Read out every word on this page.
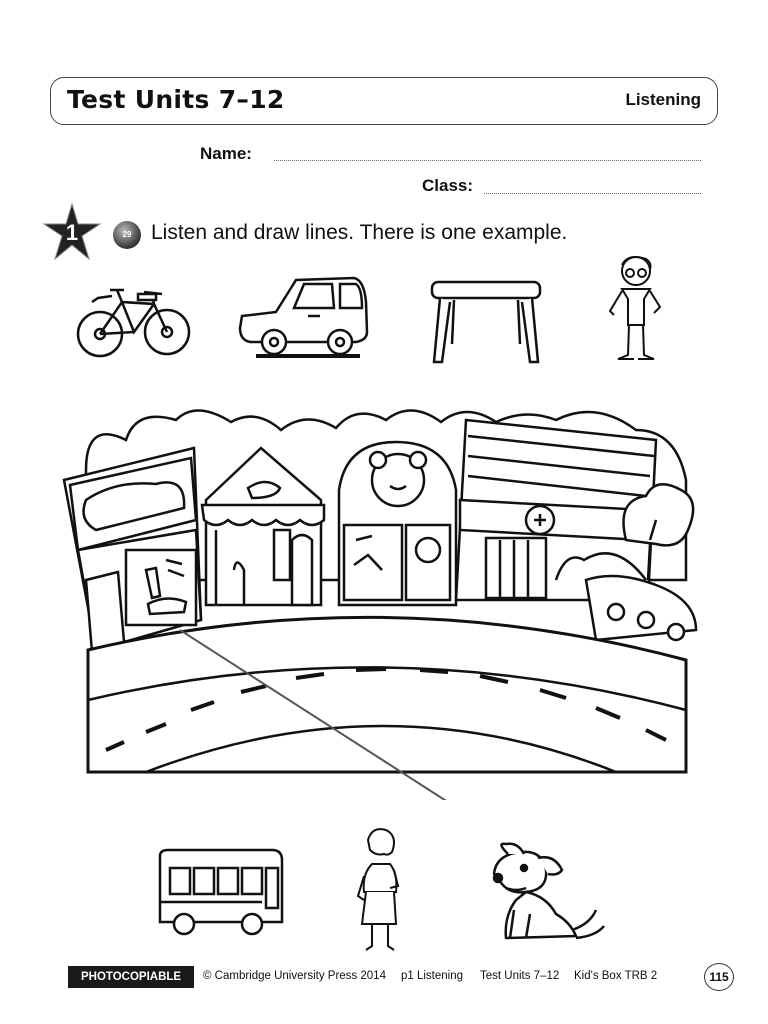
Test Units 7–12	Listening
Name:
Class:
1	29 Listen and draw lines. There is one example.
PHOTOCOPIABLE	© Cambridge University Press 2014 p1 Listening Test Units 7–12 Kid's Box TRB 2	115
